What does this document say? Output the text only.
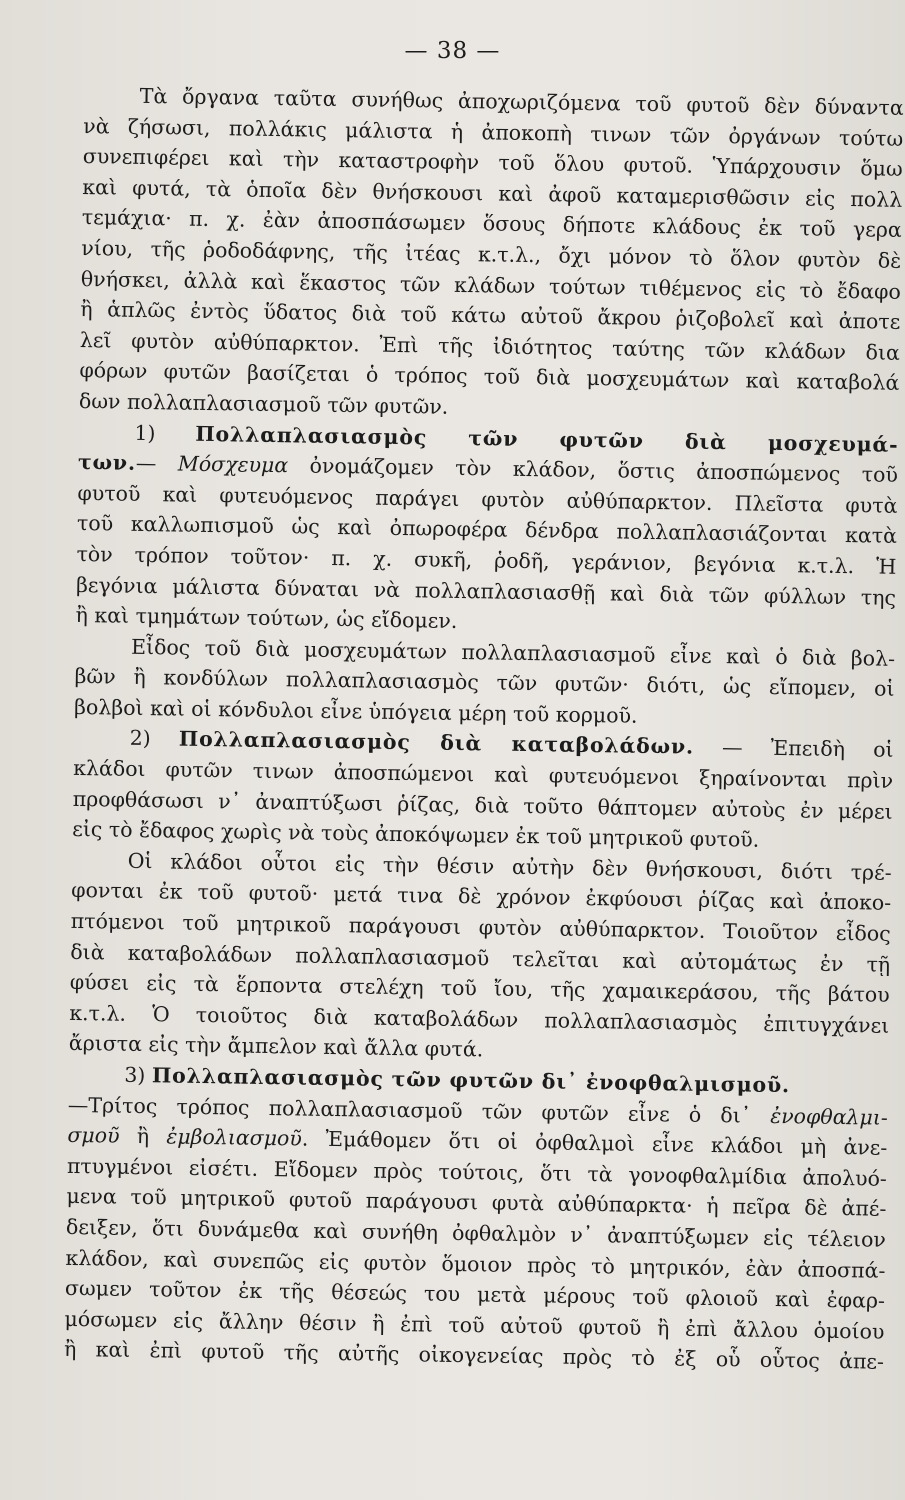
— 38 —
Τὰ ὄργανα ταῦτα συνήθως ἀποχωριζόμενα τοῦ φυτοῦ δὲν δύναντα
νὰ ζήσωσι, πολλάκις μάλιστα ἡ ἀποκοπὴ τινων τῶν ὀργάνων τούτω
συνεπιφέρει καὶ τὴν καταστροφὴν τοῦ ὅλου φυτοῦ. Ὑπάρχουσιν ὅμω
καὶ φυτά, τὰ ὁποῖα δὲν θνήσκουσι καὶ ἀφοῦ καταμερισθῶσιν εἰς πολλ
τεμάχια· π. χ. ἐὰν ἀποσπάσωμεν ὅσους δήποτε κλάδους ἐκ τοῦ γερα
νίου, τῆς ῥοδοδάφνης, τῆς ἰτέας κ.τ.λ., ὄχι μόνον τὸ ὅλον φυτὸν δὲ
θνήσκει, ἀλλὰ καὶ ἕκαστος τῶν κλάδων τούτων τιθέμενος εἰς τὸ ἔδαφο
ἢ ἁπλῶς ἐντὸς ὕδατος διὰ τοῦ κάτω αὐτοῦ ἄκρου ῥιζοβολεῖ καὶ ἀποτε
λεῖ φυτὸν αὐθύπαρκτον. Ἐπὶ τῆς ἰδιότητος ταύτης τῶν κλάδων δια
φόρων φυτῶν βασίζεται ὁ τρόπος τοῦ διὰ μοσχευμάτων καὶ καταβολά
δων πολλαπλασιασμοῦ τῶν φυτῶν.
1) Πολλαπλασιασμὸς τῶν φυτῶν διὰ μοσχευμά-
των.— Μόσχευμα ὀνομάζομεν τὸν κλάδον, ὅστις ἀποσπώμενος τοῦ
φυτοῦ καὶ φυτευόμενος παράγει φυτὸν αὐθύπαρκτον. Πλεῖστα φυτὰ
τοῦ καλλωπισμοῦ ὡς καὶ ὀπωροφέρα δένδρα πολλαπλασιάζονται κατὰ
τὸν τρόπον τοῦτον· π. χ. συκῆ, ῥοδῆ, γεράνιον, βεγόνια κ.τ.λ. Ἡ
βεγόνια μάλιστα δύναται νὰ πολλαπλασιασθῇ καὶ διὰ τῶν φύλλων της
ἢ καὶ τμημάτων τούτων, ὡς εἴδομεν.
Εἶδος τοῦ διὰ μοσχευμάτων πολλαπλασιασμοῦ εἶνε καὶ ὁ διὰ βολ-
βῶν ἢ κονδύλων πολλαπλασιασμὸς τῶν φυτῶν· διότι, ὡς εἴπομεν, οἱ
βολβοὶ καὶ οἱ κόνδυλοι εἶνε ὑπόγεια μέρη τοῦ κορμοῦ.
2) Πολλαπλασιασμὸς διὰ καταβολάδων. — Ἐπειδὴ οἱ
κλάδοι φυτῶν τινων ἀποσπώμενοι καὶ φυτευόμενοι ξηραίνονται πρὶν
προφθάσωσι ν᾿ ἀναπτύξωσι ῥίζας, διὰ τοῦτο θάπτομεν αὐτοὺς ἐν μέρει
εἰς τὸ ἔδαφος χωρὶς νὰ τοὺς ἀποκόψωμεν ἐκ τοῦ μητρικοῦ φυτοῦ.
Οἱ κλάδοι οὗτοι εἰς τὴν θέσιν αὐτὴν δὲν θνήσκουσι, διότι τρέ-
φονται ἐκ τοῦ φυτοῦ· μετά τινα δὲ χρόνον ἐκφύουσι ῥίζας καὶ ἀποκο-
πτόμενοι τοῦ μητρικοῦ παράγουσι φυτὸν αὐθύπαρκτον. Τοιοῦτον εἶδος
διὰ καταβολάδων πολλαπλασιασμοῦ τελεῖται καὶ αὐτομάτως ἐν τῇ
φύσει εἰς τὰ ἕρποντα στελέχη τοῦ ἴου, τῆς χαμαικεράσου, τῆς βάτου
κ.τ.λ. Ὁ τοιοῦτος διὰ καταβολάδων πολλαπλασιασμὸς ἐπιτυγχάνει
ἄριστα εἰς τὴν ἄμπελον καὶ ἄλλα φυτά.
3) Πολλαπλασιασμὸς τῶν φυτῶν δι᾿ ἐνοφθαλμισμοῦ.
—Τρίτος τρόπος πολλαπλασιασμοῦ τῶν φυτῶν εἶνε ὁ δι᾿ ἐνοφθαλμι-
σμοῦ ἢ ἐμβολιασμοῦ. Ἐμάθομεν ὅτι οἱ ὀφθαλμοὶ εἶνε κλάδοι μὴ ἀνε-
πτυγμένοι εἰσέτι. Εἴδομεν πρὸς τούτοις, ὅτι τὰ γονοφθαλμίδια ἀπολυό-
μενα τοῦ μητρικοῦ φυτοῦ παράγουσι φυτὰ αὐθύπαρκτα· ἡ πεῖρα δὲ ἀπέ-
δειξεν, ὅτι δυνάμεθα καὶ συνήθη ὀφθαλμὸν ν᾿ ἀναπτύξωμεν εἰς τέλειον
κλάδον, καὶ συνεπῶς εἰς φυτὸν ὅμοιον πρὸς τὸ μητρικόν, ἐὰν ἀποσπά-
σωμεν τοῦτον ἐκ τῆς θέσεώς του μετὰ μέρους τοῦ φλοιοῦ καὶ ἐφαρ-
μόσωμεν εἰς ἄλλην θέσιν ἢ ἐπὶ τοῦ αὐτοῦ φυτοῦ ἢ ἐπὶ ἄλλου ὁμοίου
ἢ καὶ ἐπὶ φυτοῦ τῆς αὐτῆς οἰκογενείας πρὸς τὸ ἐξ οὗ οὗτος ἀπε-
